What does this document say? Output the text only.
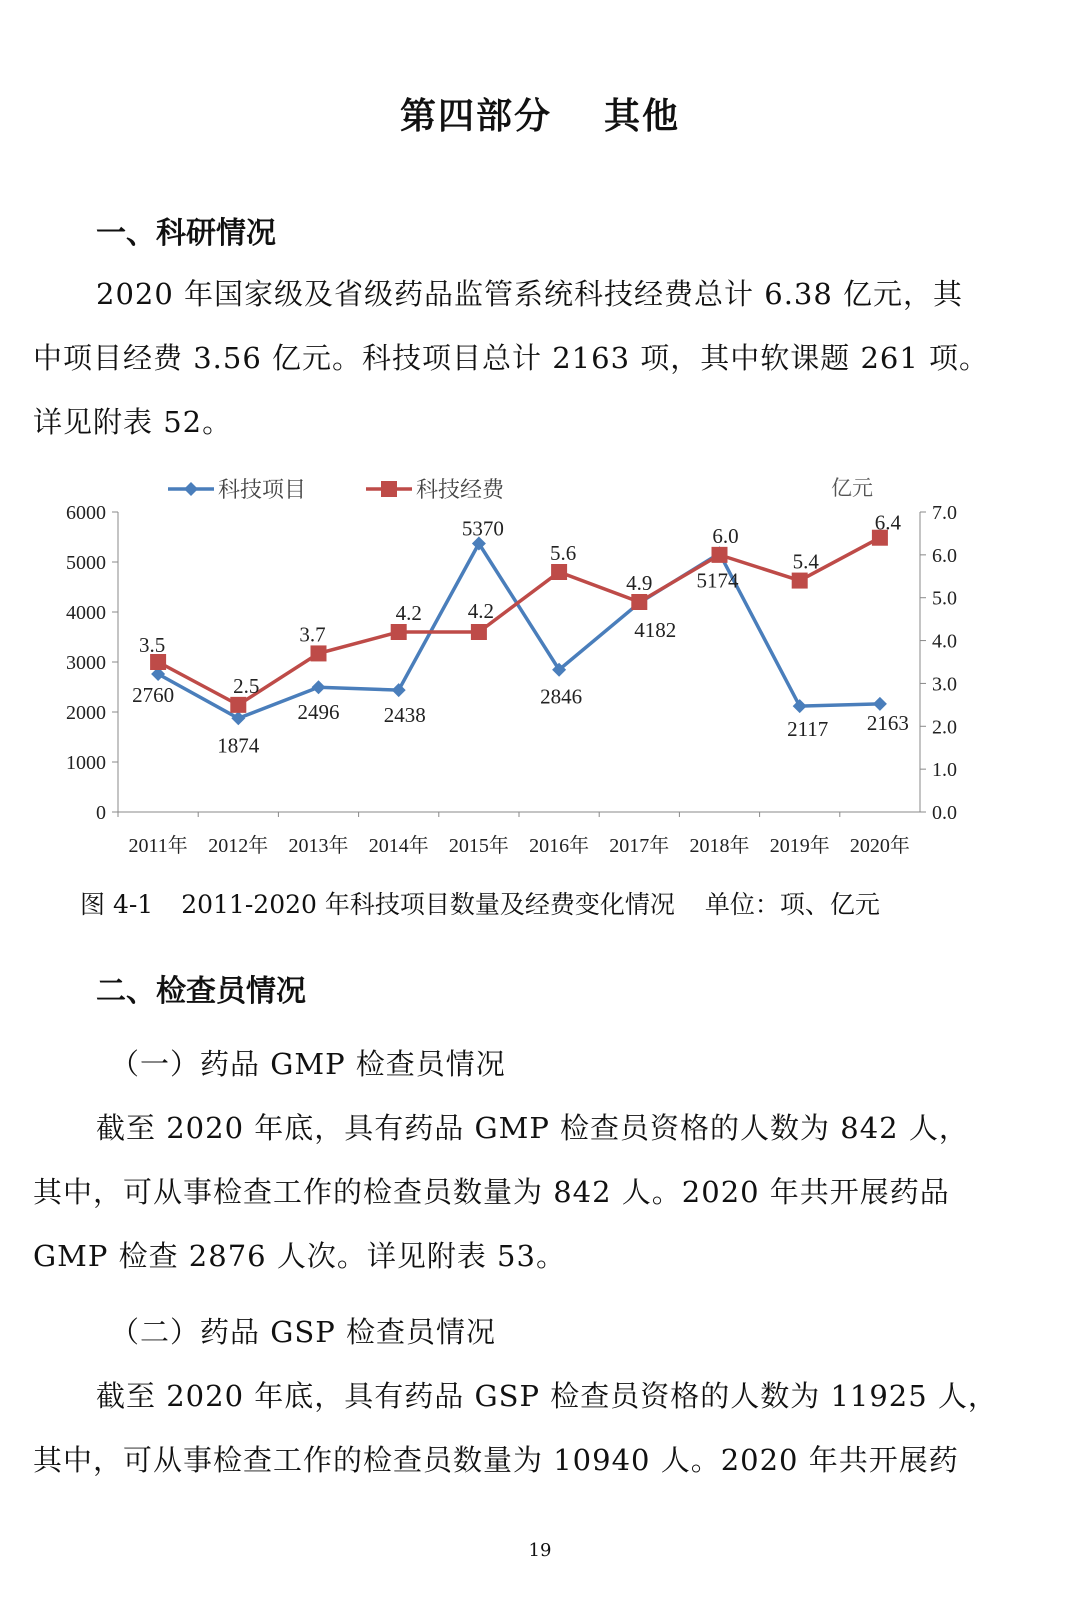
第四部分 其他
一、科研情况
2020 年国家级及省级药品监管系统科技经费总计 6.38 亿元，其
中项目经费 3.56 亿元。科技项目总计 2163 项，其中软课题 261 项。
详见附表 52。
0
1000
2000
3000
4000
5000
6000
0.0
1.0
2.0
3.0
4.0
5.0
6.0
7.0
亿元
2011年 2012年 2013年 2014年 2015年 2016年 2017年 2018年 2019年 2020年
2760
1874
2496 2438
5370
2846
4182
5174
2117 2163
3.5
2.5
3.7
4.2 4.2
5.6
4.9
6.0
5.4
6.4
科技项目	科技经费
图 4-1 2011-2020 年科技项目数量及经费变化情况 单位：项、亿元
二、检查员情况
（一）药品 GMP 检查员情况
截至 2020 年底，具有药品 GMP 检查员资格的人数为 842 人，
其中，可从事检查工作的检查员数量为 842 人。2020 年共开展药品
GMP 检查 2876 人次。详见附表 53。
（二）药品 GSP 检查员情况
截至 2020 年底，具有药品 GSP 检查员资格的人数为 11925 人，
其中，可从事检查工作的检查员数量为 10940 人。2020 年共开展药
19
